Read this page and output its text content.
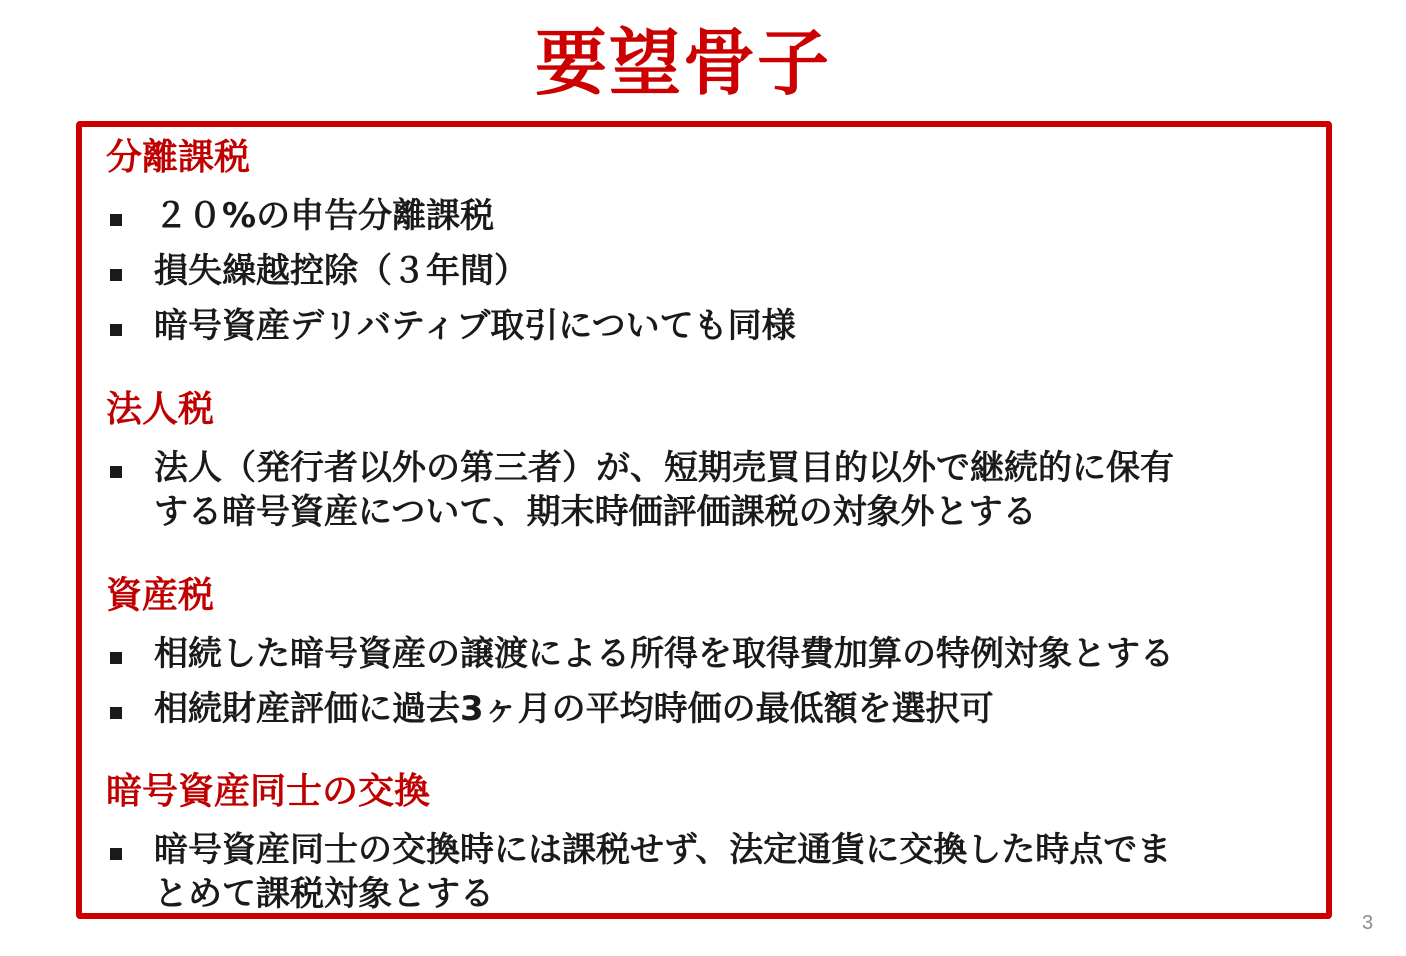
要望骨子
分離課税
２０%の申告分離課税
損失繰越控除（３年間）
暗号資産デリバティブ取引についても同様
法人税
法人（発行者以外の第三者）が、短期売買目的以外で継続的に保有
する暗号資産について、期末時価評価課税の対象外とする
資産税
相続した暗号資産の譲渡による所得を取得費加算の特例対象とする
相続財産評価に過去3ヶ月の平均時価の最低額を選択可
暗号資産同士の交換
暗号資産同士の交換時には課税せず、法定通貨に交換した時点でま
とめて課税対象とする
3
